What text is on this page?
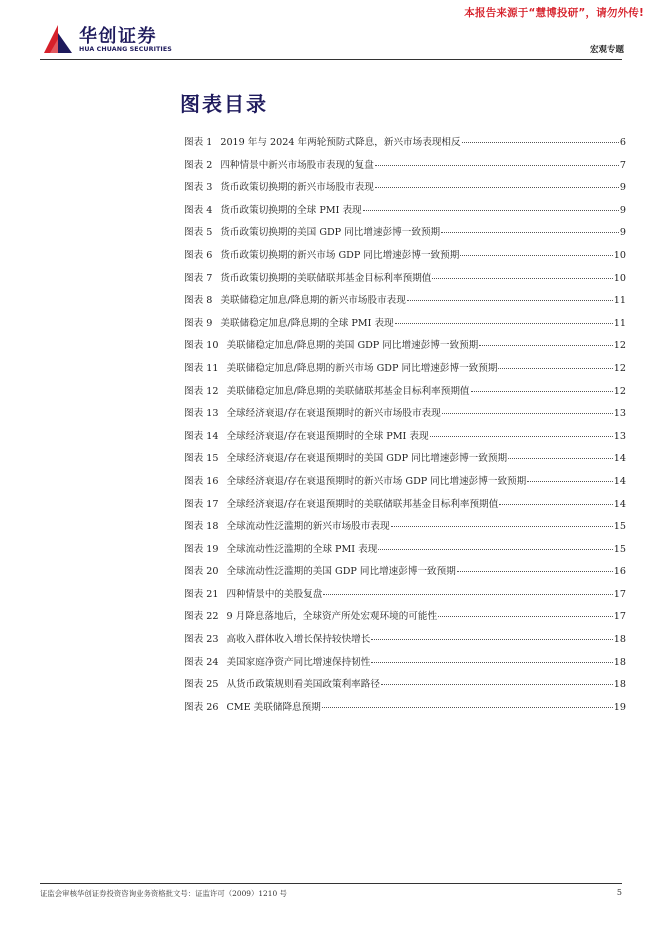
本报告来源于“慧博投研”，请勿外传!
华创证券
HUA CHUANG SECURITIES	宏观专题
图表目录
图表 1 2019 年与 2024 年两轮预防式降息，新兴市场表现相反	6
图表 2 四种情景中新兴市场股市表现的复盘	7
图表 3 货币政策切换期的新兴市场股市表现	9
图表 4 货币政策切换期的全球 PMI 表现	9
图表 5 货币政策切换期的美国 GDP 同比增速彭博一致预期	9
图表 6 货币政策切换期的新兴市场 GDP 同比增速彭博一致预期	10
图表 7 货币政策切换期的美联储联邦基金目标利率预期值	10
图表 8 美联储稳定加息/降息期的新兴市场股市表现	11
图表 9 美联储稳定加息/降息期的全球 PMI 表现	11
图表 10 美联储稳定加息/降息期的美国 GDP 同比增速彭博一致预期	12
图表 11 美联储稳定加息/降息期的新兴市场 GDP 同比增速彭博一致预期	12
图表 12 美联储稳定加息/降息期的美联储联邦基金目标利率预期值	12
图表 13 全球经济衰退/存在衰退预期时的新兴市场股市表现	13
图表 14 全球经济衰退/存在衰退预期时的全球 PMI 表现	13
图表 15 全球经济衰退/存在衰退预期时的美国 GDP 同比增速彭博一致预期	14
图表 16 全球经济衰退/存在衰退预期时的新兴市场 GDP 同比增速彭博一致预期	14
图表 17 全球经济衰退/存在衰退预期时的美联储联邦基金目标利率预期值	14
图表 18 全球流动性泛滥期的新兴市场股市表现	15
图表 19 全球流动性泛滥期的全球 PMI 表现	15
图表 20 全球流动性泛滥期的美国 GDP 同比增速彭博一致预期	16
图表 21 四种情景中的美股复盘	17
图表 22 9 月降息落地后，全球资产所处宏观环境的可能性	17
图表 23 高收入群体收入增长保持较快增长	18
图表 24 美国家庭净资产同比增速保持韧性	18
图表 25 从货币政策规则看美国政策利率路径	18
图表 26 CME 美联储降息预期	19
证监会审核华创证券投资咨询业务资格批文号：证监许可（2009）1210 号	5
